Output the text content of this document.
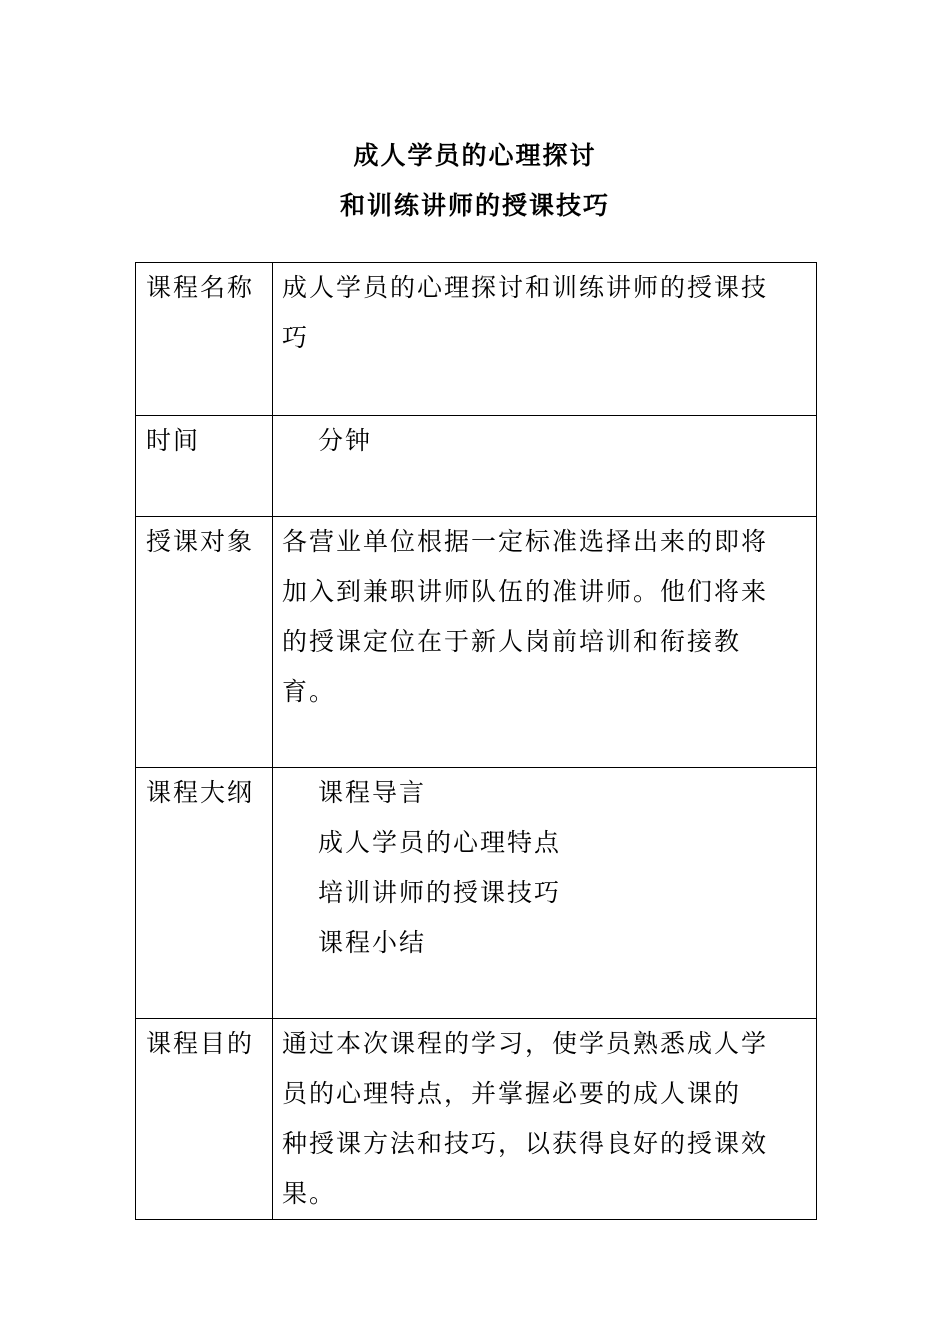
成人学员的心理探讨
和训练讲师的授课技巧
课程名称	成人学员的心理探讨和训练讲师的授课技
巧

时间	分钟

授课对象	各营业单位根据一定标准选择出来的即将
加入到兼职讲师队伍的准讲师。他们将来
的授课定位在于新人岗前培训和衔接教
育。

课程大纲	课程导言
成人学员的心理特点
培训讲师的授课技巧
课程小结

课程目的	通过本次课程的学习，使学员熟悉成人学
员的心理特点，并掌握必要的成人课的
种授课方法和技巧，以获得良好的授课效
果。
